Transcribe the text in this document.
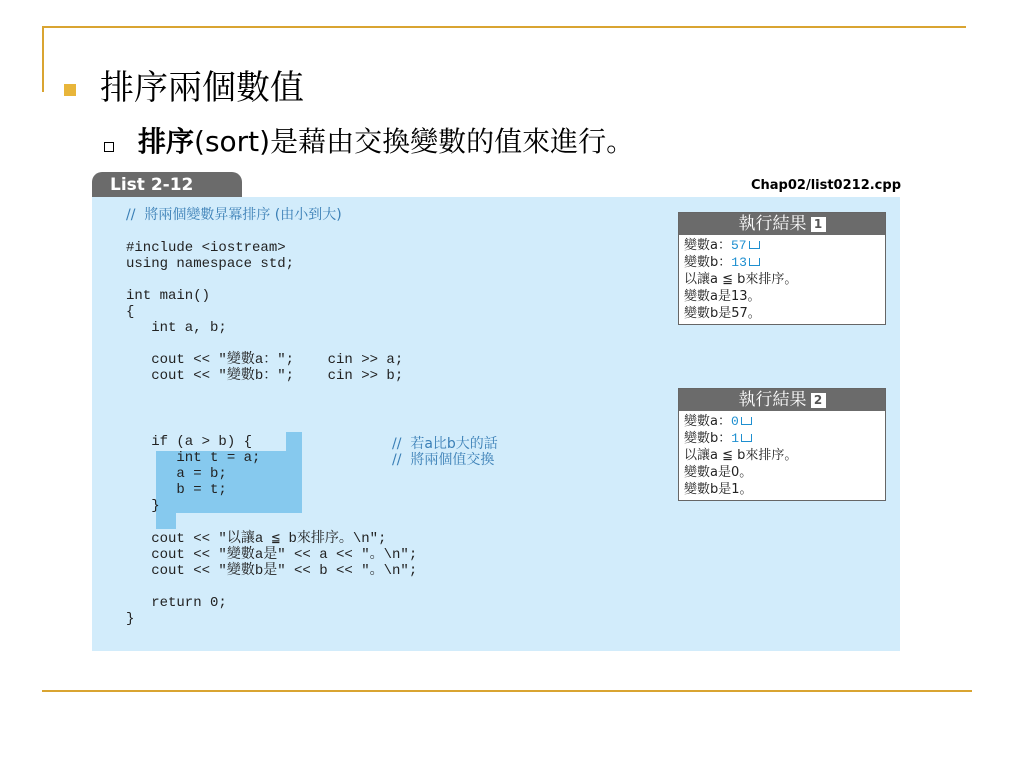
排序兩個數值
排序(sort)是藉由交換變數的值來進行。
List 2-12	Chap02/list0212.cpp
//  將兩個變數昇冪排序 (由小到大)
#include <iostream>
using namespace std;

int main()
{
int a, b;

cout << "變數a：";    cin >> a;
cout << "變數b：";    cin >> b;
if (a > b) {
int t = a;
a = b;
b = t;
}
//  若a比b大的話
//  將兩個值交換
cout << "以讓a ≦ b來排序。\n";
cout << "變數a是" << a << "。\n";
cout << "變數b是" << b << "。\n";

return 0;
}
執行結果 1
變數a：57
變數b：13
以讓a ≦ b來排序。
變數a是13。
變數b是57。
執行結果 2
變數a：0
變數b：1
以讓a ≦ b來排序。
變數a是0。
變數b是1。
